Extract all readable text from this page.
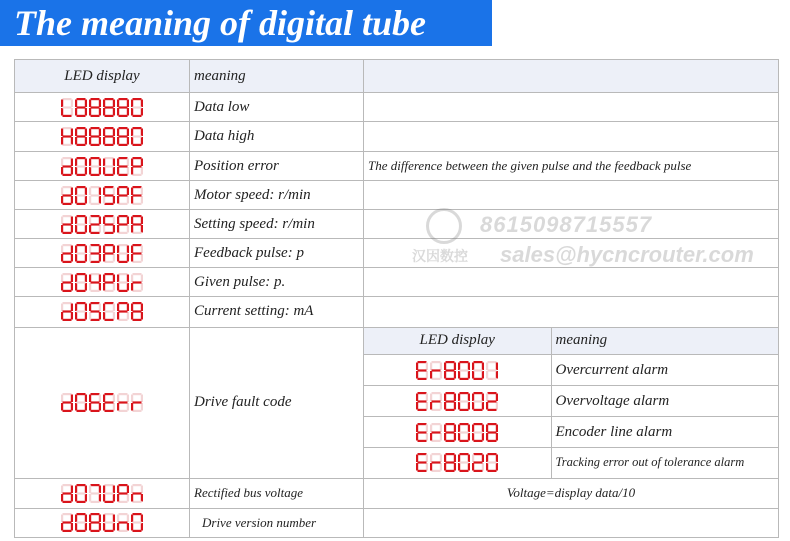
The meaning of digital tube
LED display	meaning	

	Data low	

	Data high	

	Position error	The difference between the given pulse and the feedback pulse

	Motor speed: r/min	

	Setting speed: r/min	

	Feedback pulse: p	

	Given pulse: p.	

	Current setting: mA	

	Drive fault code	
LED display	meaning

	Overcurrent alarm

	Overvoltage alarm

	Encoder line alarm

	Tracking error out of tolerance alarm

	Rectified bus voltage	Voltage=display data/10

	Drive version number	
8615098715557
汉因数控 sales@hycncrouter.com
